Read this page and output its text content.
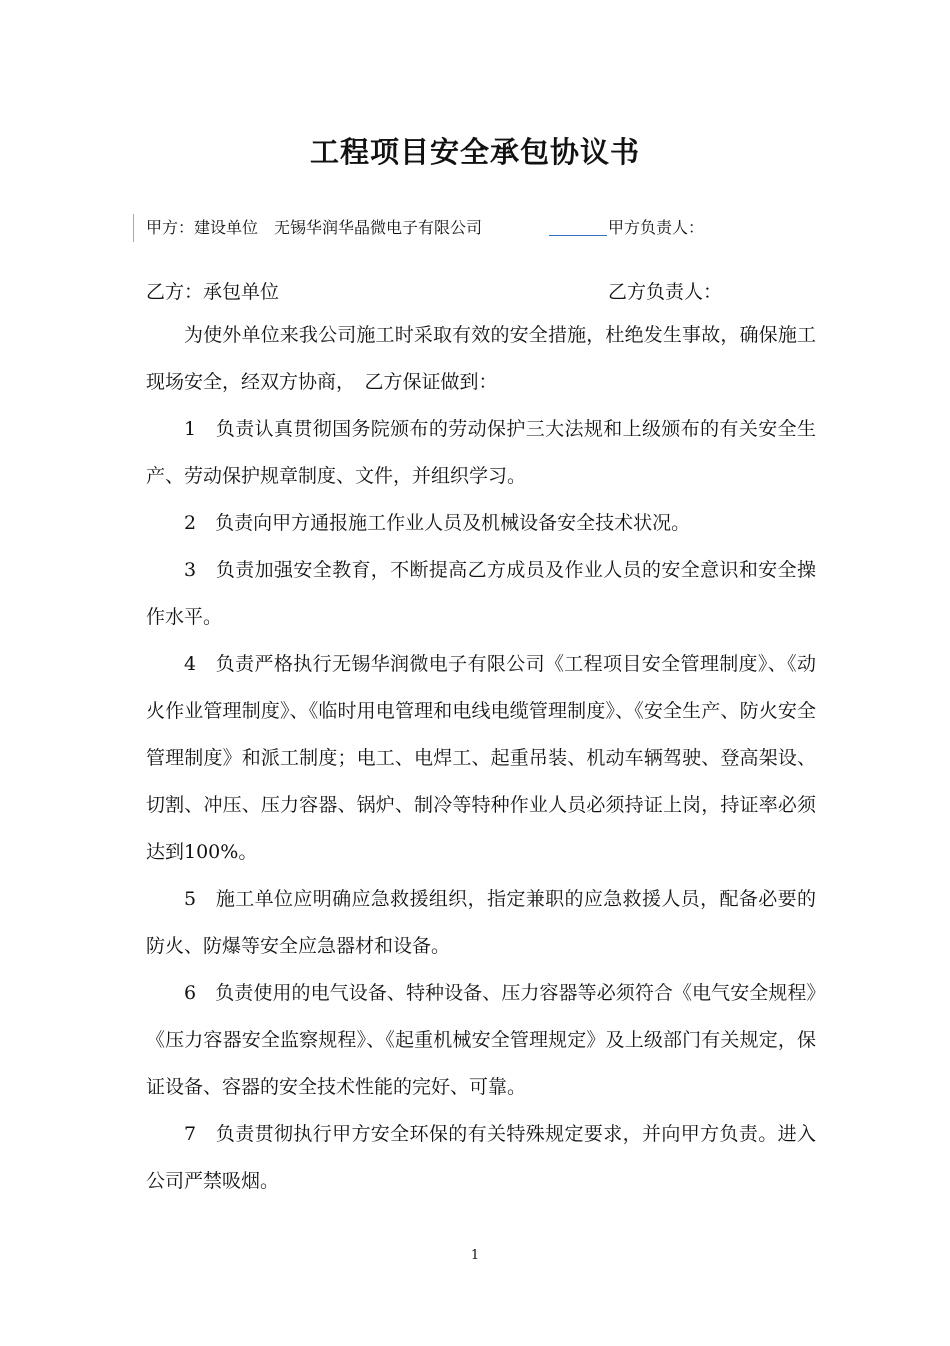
工程项目安全承包协议书
甲方：建设单位　无锡华润华晶微电子有限公司	甲方负责人：
乙方：承包单位	乙方负责人：

为使外单位来我公司施工时采取有效的安全措施，杜绝发生事故，确保施工现场安全，经双方协商，　乙方保证做到：

1　负责认真贯彻国务院颁布的劳动保护三大法规和上级颁布的有关安全生产、劳动保护规章制度、文件，并组织学习。

2　负责向甲方通报施工作业人员及机械设备安全技术状况。

3　负责加强安全教育，不断提高乙方成员及作业人员的安全意识和安全操作水平。

4　负责严格执行无锡华润微电子有限公司《工程项目安全管理制度》、《动火作业管理制度》、《临时用电管理和电线电缆管理制度》、《安全生产、防火安全管理制度》和派工制度；电工、电焊工、起重吊装、机动车辆驾驶、登高架设、切割、冲压、压力容器、锅炉、制冷等特种作业人员必须持证上岗，持证率必须达到100%。

5　施工单位应明确应急救援组织，指定兼职的应急救援人员，配备必要的防火、防爆等安全应急器材和设备。

6　负责使用的电气设备、特种设备、压力容器等必须符合《电气安全规程》《压力容器安全监察规程》、《起重机械安全管理规定》及上级部门有关规定，保证设备、容器的安全技术性能的完好、可靠。

7　负责贯彻执行甲方安全环保的有关特殊规定要求，并向甲方负责。进入公司严禁吸烟。

1
